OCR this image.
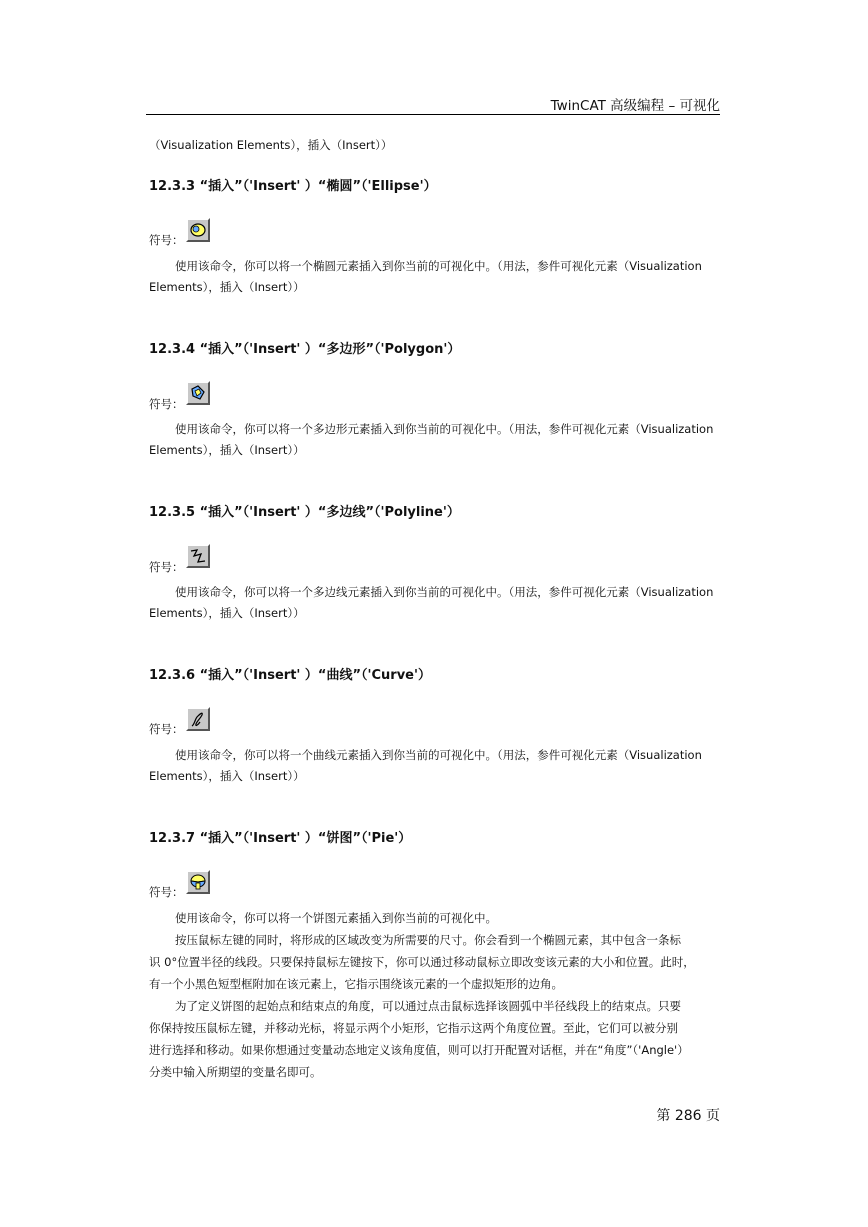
TwinCAT 高级编程 – 可视化
（Visualization Elements），插入（Insert））
12.3.3 “插入”（'Insert' ）“椭圆”（'Ellipse'）
符号：
使用该命令，你可以将一个椭圆元素插入到你当前的可视化中。（用法，参件可视化元素（Visualization
Elements），插入（Insert））
12.3.4 “插入”（'Insert' ）“多边形”（'Polygon'）
符号：
使用该命令，你可以将一个多边形元素插入到你当前的可视化中。（用法，参件可视化元素（Visualization
Elements），插入（Insert））
12.3.5 “插入”（'Insert' ）“多边线”（'Polyline'）
符号：
使用该命令，你可以将一个多边线元素插入到你当前的可视化中。（用法，参件可视化元素（Visualization
Elements），插入（Insert））
12.3.6 “插入”（'Insert' ）“曲线”（'Curve'）
符号：
使用该命令，你可以将一个曲线元素插入到你当前的可视化中。（用法，参件可视化元素（Visualization
Elements），插入（Insert））
12.3.7 “插入”（'Insert' ）“饼图”（'Pie'）
符号：
使用该命令，你可以将一个饼图元素插入到你当前的可视化中。
按压鼠标左键的同时，将形成的区域改变为所需要的尺寸。你会看到一个椭圆元素，其中包含一条标
识 0°位置半径的线段。只要保持鼠标左键按下，你可以通过移动鼠标立即改变该元素的大小和位置。此时，
有一个小黑色短型框附加在该元素上，它指示围绕该元素的一个虚拟矩形的边角。
为了定义饼图的起始点和结束点的角度，可以通过点击鼠标选择该圆弧中半径线段上的结束点。只要
你保持按压鼠标左键，并移动光标，将显示两个小矩形，它指示这两个角度位置。至此，它们可以被分别
进行选择和移动。如果你想通过变量动态地定义该角度值，则可以打开配置对话框，并在“角度”（'Angle'）
分类中输入所期望的变量名即可。
第 286 页
